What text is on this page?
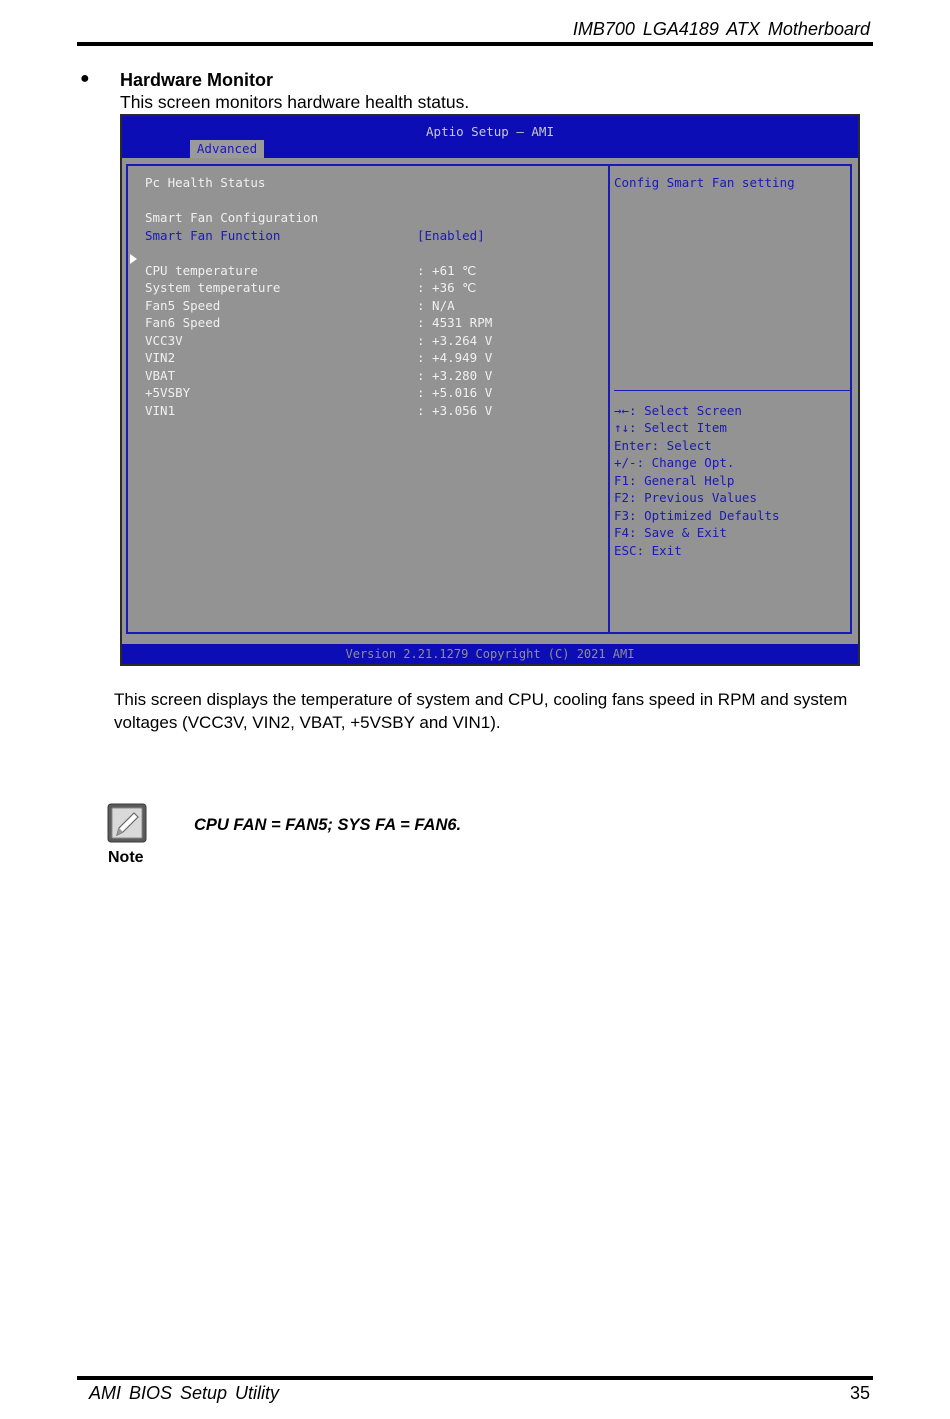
IMB700 LGA4189 ATX Motherboard
● Hardware Monitor
This screen monitors hardware health status.
Aptio Setup – AMI
Advanced
Pc Health Status
Smart Fan Configuration
Smart Fan Function	[Enabled]
CPU temperature	: +61 ℃
System temperature	: +36 ℃
Fan5 Speed	: N/A
Fan6 Speed	: 4531 RPM
VCC3V	: +3.264 V
VIN2	: +4.949 V
VBAT	: +3.280 V
+5VSBY	: +5.016 V
VIN1	: +3.056 V
Config Smart Fan setting
→←: Select Screen
↑↓: Select Item
Enter: Select
+/-: Change Opt.
F1: General Help
F2: Previous Values
F3: Optimized Defaults
F4: Save & Exit
ESC: Exit
Version 2.21.1279 Copyright (C) 2021 AMI
This screen displays the temperature of system and CPU, cooling fans speed in RPM and system voltages (VCC3V, VIN2, VBAT, +5VSBY and VIN1).
Note
CPU FAN = FAN5; SYS FA = FAN6.
AMI BIOS Setup Utility	35
